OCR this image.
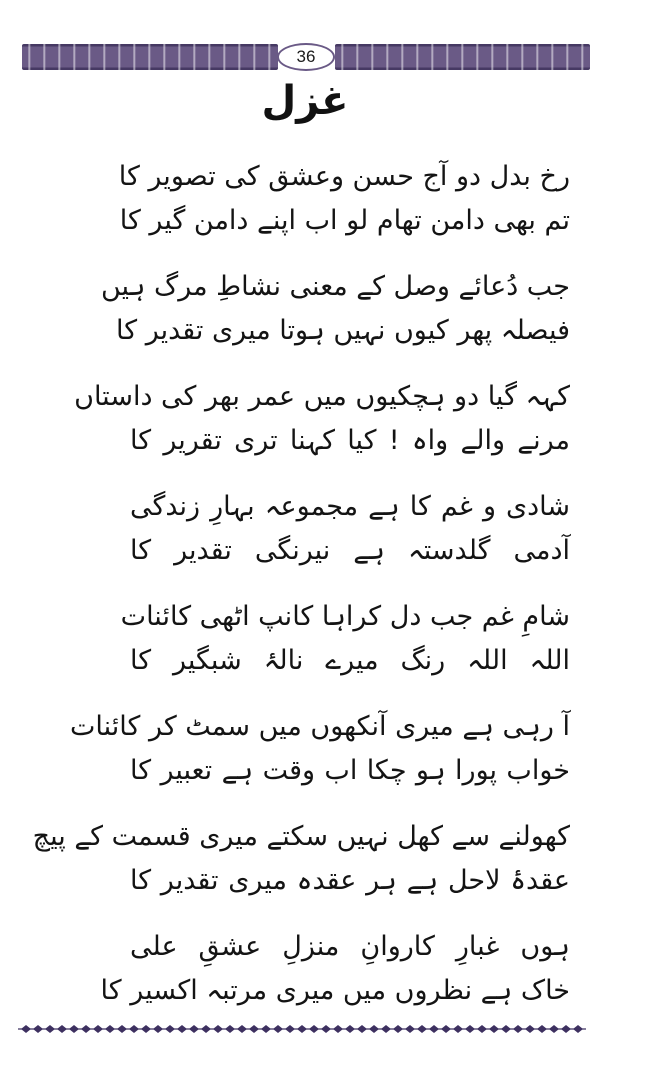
36
غزل
رخ بدل دو آج حسن وعشق کی تصویر کا
تم بھی دامن تھام لو اب اپنے دامن گیر کا
جب دُعائے وصل کے معنی نشاطِ مرگ ہیں
فیصلہ پھر کیوں نہیں ہوتا میری تقدیر کا
کہہ گیا دو ہچکیوں میں عمر بھر کی داستاں
مرنے والے واہ ! کیا کہنا تری تقریر کا
شادی و غم کا ہے مجموعہ بہارِ زندگی
آدمی گلدستہ ہے نیرنگی تقدیر کا
شامِ غم جب دل کراہا کانپ اٹھی کائنات
اللہ اللہ رنگ میرے نالۂ شبگیر کا
آ رہی ہے میری آنکھوں میں سمٹ کر کائنات
خواب پورا ہو چکا اب وقت ہے تعبیر کا
کھولنے سے کھل نہیں سکتے میری قسمت کے پیچ
عقدۂ لاحل ہے ہر عقدہ میری تقدیر کا
ہوں غبارِ کاروانِ منزلِ عشقِ علی
خاک ہے نظروں میں میری مرتبہ اکسیر کا
